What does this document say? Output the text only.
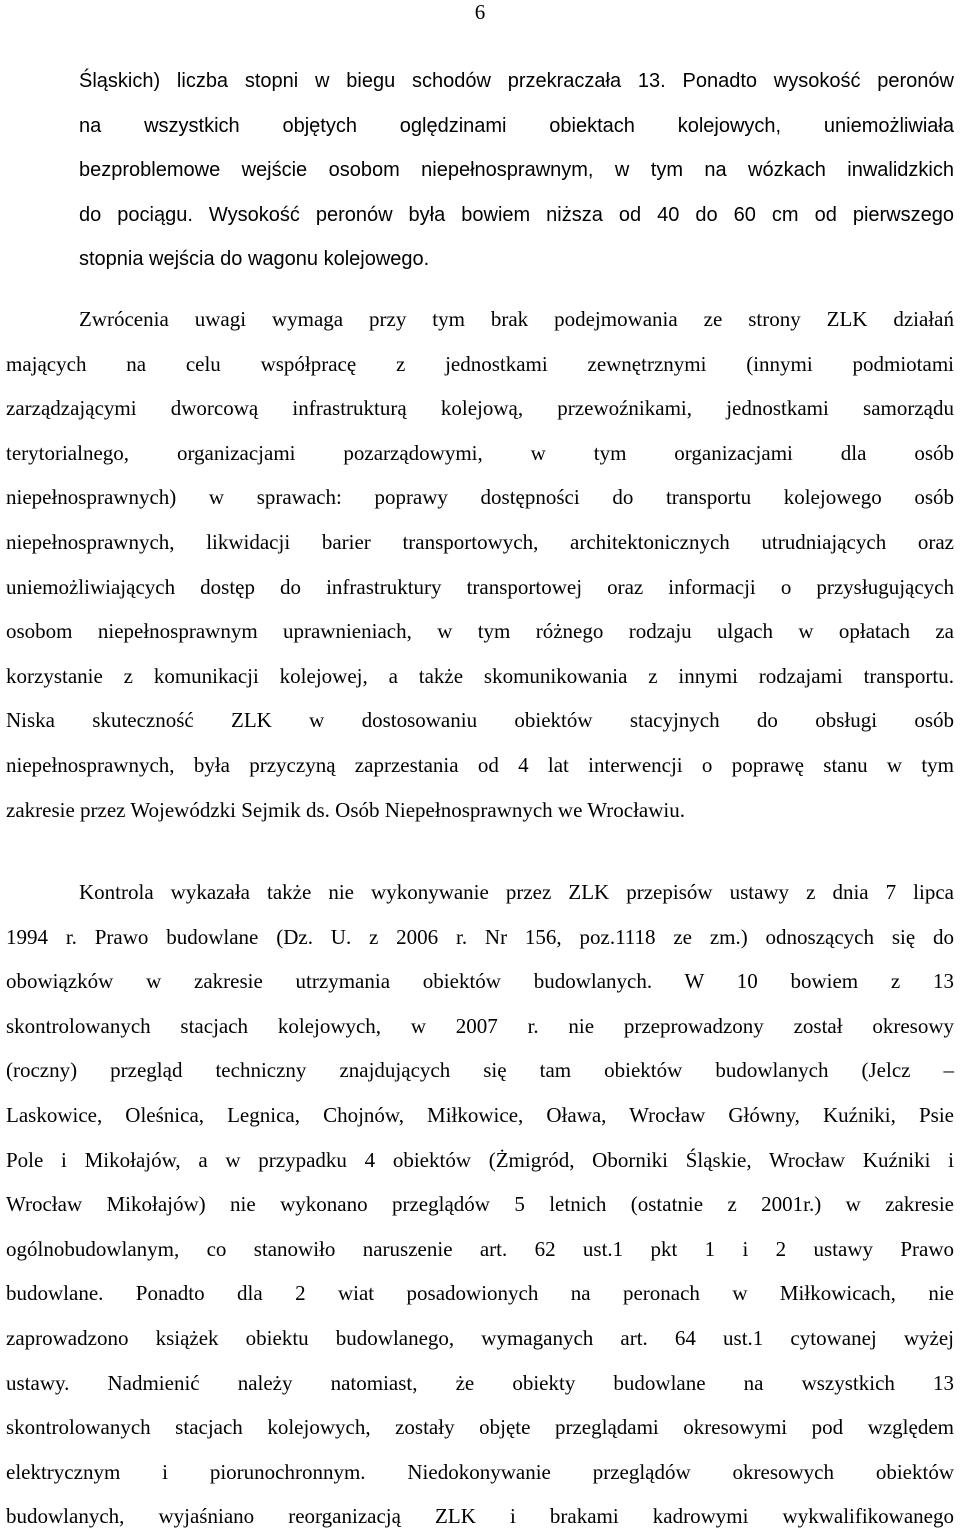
6
Śląskich) liczba stopni w biegu schodów przekraczała 13. Ponadto wysokość peronów
na wszystkich objętych oględzinami obiektach kolejowych, uniemożliwiała
bezproblemowe wejście osobom niepełnosprawnym, w tym na wózkach inwalidzkich
do pociągu. Wysokość peronów była bowiem niższa od 40 do 60 cm od pierwszego
stopnia wejścia do wagonu kolejowego.
Zwrócenia uwagi wymaga przy tym brak podejmowania ze strony ZLK działań
mających na celu współpracę z jednostkami zewnętrznymi (innymi podmiotami
zarządzającymi dworcową infrastrukturą kolejową, przewoźnikami, jednostkami samorządu
terytorialnego, organizacjami pozarządowymi, w tym organizacjami dla osób
niepełnosprawnych) w sprawach: poprawy dostępności do transportu kolejowego osób
niepełnosprawnych, likwidacji barier transportowych, architektonicznych utrudniających oraz
uniemożliwiających dostęp do infrastruktury transportowej oraz informacji o przysługujących
osobom niepełnosprawnym uprawnieniach, w tym różnego rodzaju ulgach w opłatach za
korzystanie z komunikacji kolejowej, a także skomunikowania z innymi rodzajami transportu.
Niska skuteczność ZLK w dostosowaniu obiektów stacyjnych do obsługi osób
niepełnosprawnych, była przyczyną zaprzestania od 4 lat interwencji o poprawę stanu w tym
zakresie przez Wojewódzki Sejmik ds. Osób Niepełnosprawnych we Wrocławiu.
Kontrola wykazała także nie wykonywanie przez ZLK przepisów ustawy z dnia 7 lipca
1994 r. Prawo budowlane (Dz. U. z 2006 r. Nr 156, poz.1118 ze zm.) odnoszących się do
obowiązków w zakresie utrzymania obiektów budowlanych. W 10 bowiem z 13
skontrolowanych stacjach kolejowych, w 2007 r. nie przeprowadzony został okresowy
(roczny) przegląd techniczny znajdujących się tam obiektów budowlanych (Jelcz –
Laskowice, Oleśnica, Legnica, Chojnów, Miłkowice, Oława, Wrocław Główny, Kuźniki, Psie
Pole i Mikołajów, a w przypadku 4 obiektów (Żmigród, Oborniki Śląskie, Wrocław Kuźniki i
Wrocław Mikołajów) nie wykonano przeglądów 5 letnich (ostatnie z 2001r.) w zakresie
ogólnobudowlanym, co stanowiło naruszenie art. 62 ust.1 pkt 1 i 2 ustawy Prawo
budowlane. Ponadto dla 2 wiat posadowionych na peronach w Miłkowicach, nie
zaprowadzono książek obiektu budowlanego, wymaganych art. 64 ust.1 cytowanej wyżej
ustawy. Nadmienić należy natomiast, że obiekty budowlane na wszystkich 13
skontrolowanych stacjach kolejowych, zostały objęte przeglądami okresowymi pod względem
elektrycznym i piorunochronnym. Niedokonywanie przeglądów okresowych obiektów
budowlanych, wyjaśniano reorganizacją ZLK i brakami kadrowymi wykwalifikowanego
